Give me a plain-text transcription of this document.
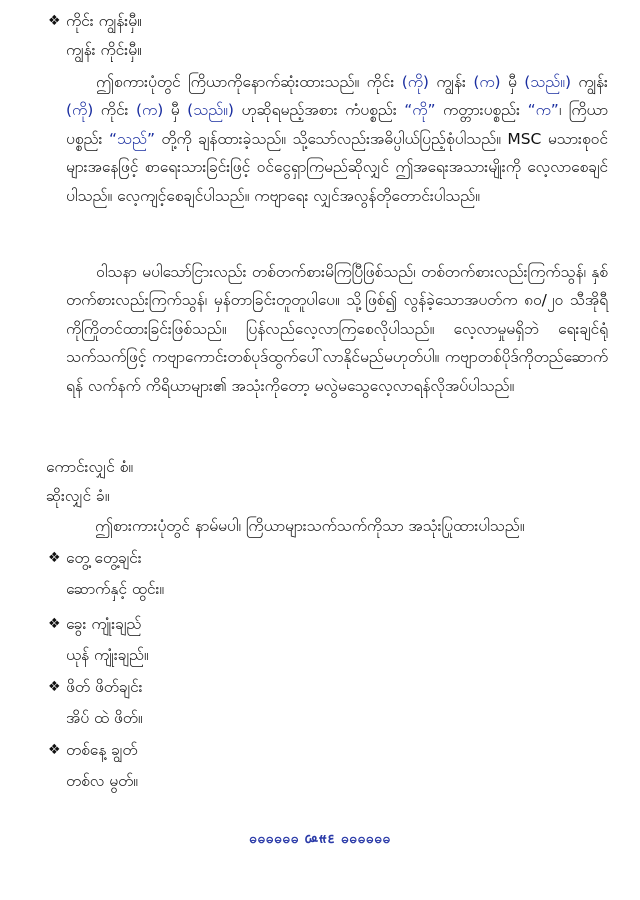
❖ ကိုင်း ကျွန်းမှီ။
ကျွန်း ကိုင်းမှီ။

ဤစကားပုံတွင် ကြိယာကိုနောက်ဆုံးထားသည်။ ကိုင်း (ကို) ကျွန်း (က) မှီ (သည်။) ကျွန်း (ကို) ကိုင်း (က) မှီ (သည်။) ဟုဆိုရမည့်အစား ကံပစ္စည်း “ကို” ကတ္တားပစ္စည်း “က”၊ ကြိယာ ပစ္စည်း “သည်” တို့ကို ချန်ထားခဲ့သည်။ သို့သော်လည်းအဓိပ္ပါယ်ပြည့်စုံပါသည်။ MSC မသားစုဝင်များအနေဖြင့် စာရေးသားခြင်းဖြင့် ဝင်ငွေရှာကြမည်ဆိုလျှင် ဤအရေးအသားမျိုးကို လေ့လာစေချင်ပါသည်။ လေ့ကျင့်စေချင်ပါသည်။ ကဗျာရေး လျှင်အလွန်တိုတောင်းပါသည်။

ဝါသနာ မပါသော်ငြားလည်း တစ်တက်စားမိကြပြီဖြစ်သည်၊ တစ်တက်စားလည်းကြက်သွန်၊ နှစ်တက်စားလည်းကြက်သွန်၊ မှန်တာခြင်းတူတူပါပေ။ သို့ဖြစ်၍ လွန်ခဲ့သောအပတ်က ၈၀/၂၀ သီအိုရီကိုကြိုတင်ထားခြင်းဖြစ်သည်။ ပြန်လည်လေ့လာကြစေလိုပါသည်။ လေ့လာမှုမရှိဘဲ ရေးချင်ရုံသက်သက်ဖြင့် ကဗျာကောင်းတစ်ပုဒ်ထွက်ပေါ်လာနိုင်မည်မဟုတ်ပါ။ ကဗျာတစ်ပိုဒ်ကိုတည်ဆောက်ရန် လက်နက် ကိရိယာများ၏ အသုံးကိုတော့ မလွဲမသွေလေ့လာရန်လိုအပ်ပါသည်။

ကောင်းလျှင် စံ။
ဆိုးလျှင် ခံ။
ဤစားကားပုံတွင် နာမ်မပါ၊ ကြိယာများသက်သက်ကိုသာ အသုံးပြုထားပါသည်။
❖ တွေ့ တွေ့ချင်း
ဆောက်နှင့် ထွင်း။
❖ ခွေး ကျုံးချည်
ယုန် ကျုံးချည်။
❖ ဖိတ် ဖိတ်ချင်း
အိပ် ထဲ ဖိတ်။
❖ တစ်နေ့ ချွတ်
တစ်လ မွတ်။
ဓဓဓဓဓဓ ᰘᰙᰚ ဓဓဓဓဓဓ
